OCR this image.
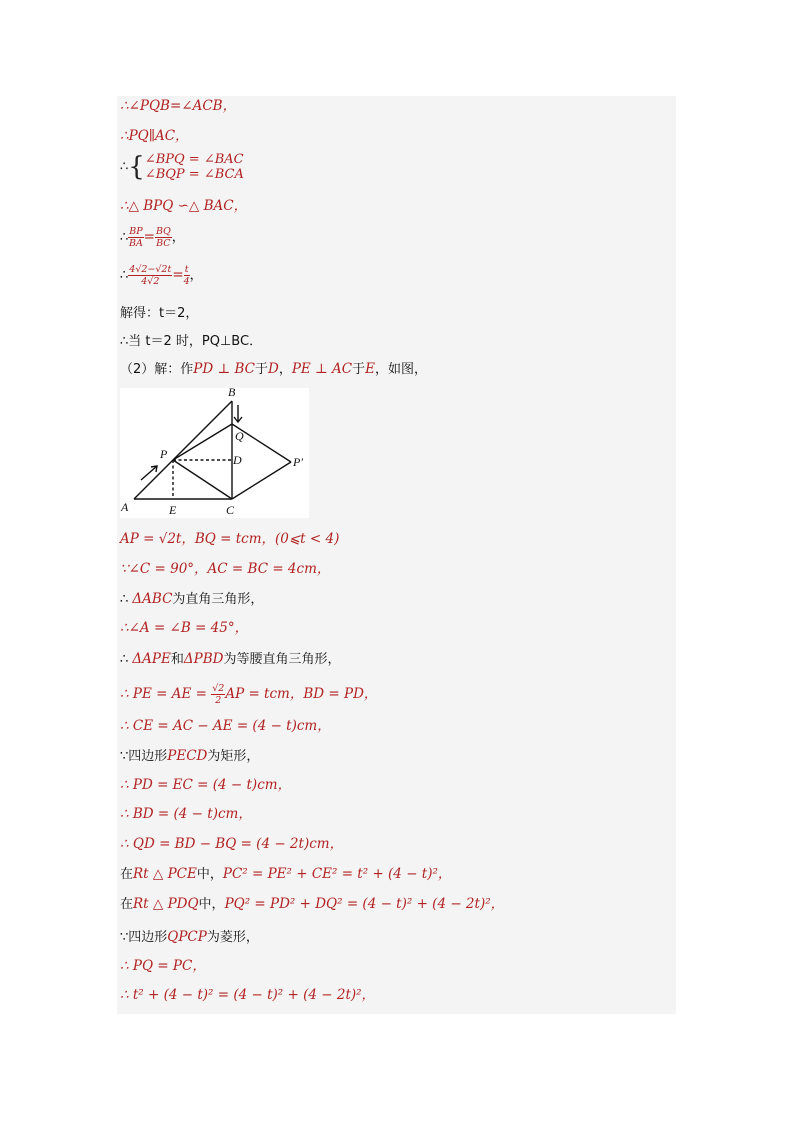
∴∠PQB=∠ACB，
∴PQ∥AC，
∴{ ∠BPQ = ∠BAC
∠BQP = ∠BCA
∴△ BPQ ∽△ BAC，
∴ $\frac{BP}{BA} = \frac{BQ}{BC}$ ，
∴ $\frac{4√2-√2t}{4√2} = \frac{t}{4}$ ，
解得：t＝2，
∴当 t＝2 时，PQ⊥BC．
（2）解：作PD ⊥ BC于D，PE ⊥ AC于E，如图，
A
B
C
D
E
P
Q
P′
AP = √2t，BQ = tcm，(0⩽t < 4)
∵∠C = 90°，AC = BC = 4cm，
∴ ΔABC为直角三角形，
∴∠A = ∠B = 45°，
∴ ΔAPE和ΔPBD为等腰直角三角形，
∴ PE = AE = $\frac{√2}{2}$ AP = tcm，BD = PD，
∴ CE = AC − AE = (4 − t)cm，
∵四边形PECD为矩形，
∴ PD = EC = (4 − t)cm，
∴ BD = (4 − t)cm，
∴ QD = BD − BQ = (4 − 2t)cm，
在Rt △ PCE中，PC² = PE² + CE² = t² + (4 − t)²，
在Rt △ PDQ中，PQ² = PD² + DQ² = (4 − t)² + (4 − 2t)²，
∵四边形QPCP为菱形，
∴ PQ = PC，
∴ t² + (4 − t)² = (4 − t)² + (4 − 2t)²，
